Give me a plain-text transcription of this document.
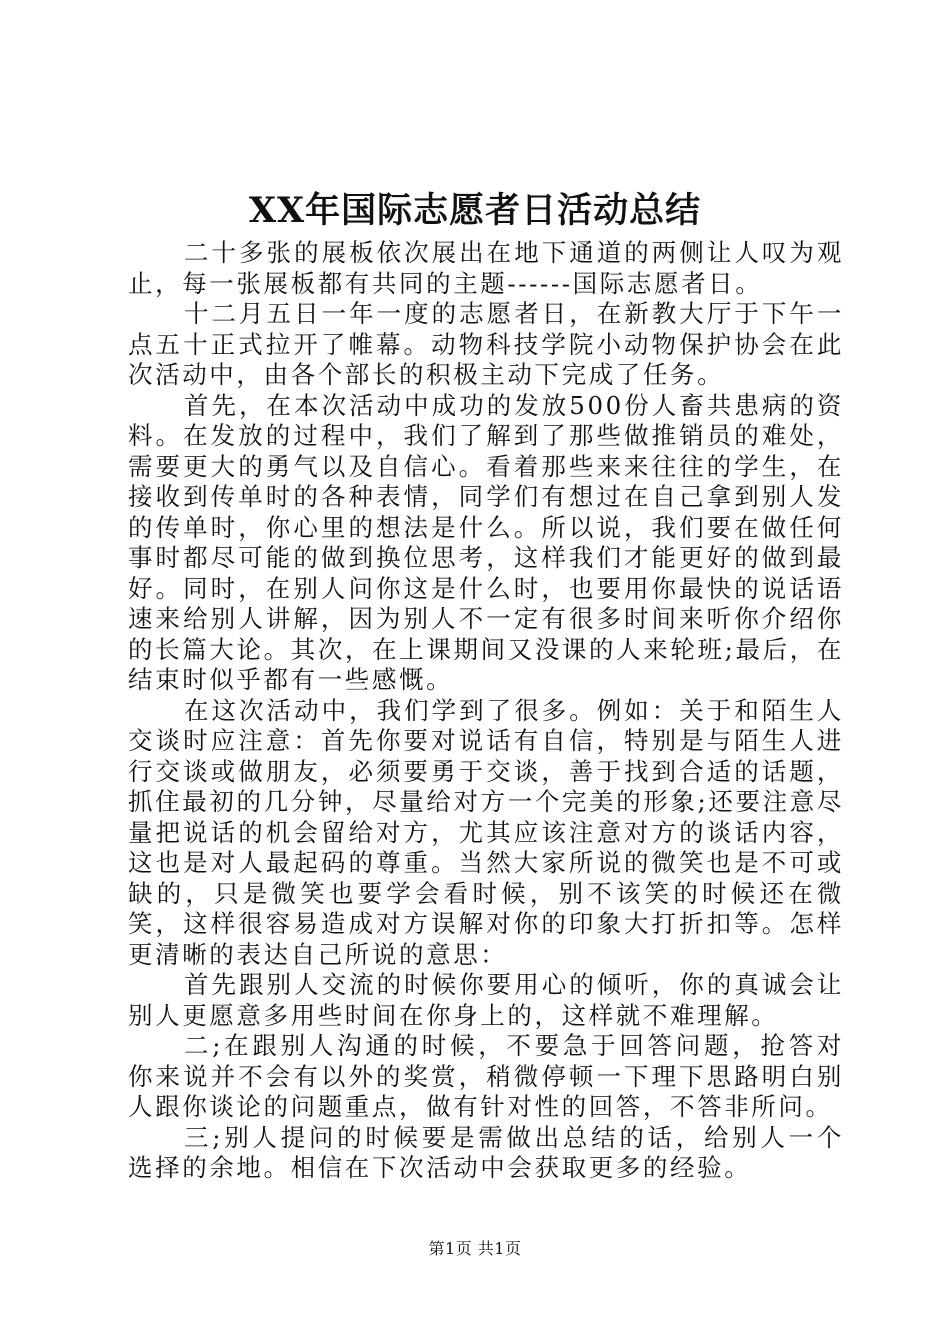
XX年国际志愿者日活动总结

二十多张的展板依次展出在地下通道的两侧让人叹为观止，每一张展板都有共同的主题------国际志愿者日。

十二月五日一年一度的志愿者日，在新教大厅于下午一点五十正式拉开了帷幕。动物科技学院小动物保护协会在此次活动中，由各个部长的积极主动下完成了任务。

首先，在本次活动中成功的发放500份人畜共患病的资料。在发放的过程中，我们了解到了那些做推销员的难处，需要更大的勇气以及自信心。看着那些来来往往的学生，在接收到传单时的各种表情，同学们有想过在自己拿到别人发的传单时，你心里的想法是什么。所以说，我们要在做任何事时都尽可能的做到换位思考，这样我们才能更好的做到最好。同时，在别人问你这是什么时，也要用你最快的说话语速来给别人讲解，因为别人不一定有很多时间来听你介绍你的长篇大论。其次，在上课期间又没课的人来轮班;最后，在结束时似乎都有一些感慨。

在这次活动中，我们学到了很多。例如：关于和陌生人交谈时应注意：首先你要对说话有自信，特别是与陌生人进行交谈或做朋友，必须要勇于交谈，善于找到合适的话题，抓住最初的几分钟，尽量给对方一个完美的形象;还要注意尽量把说话的机会留给对方，尤其应该注意对方的谈话内容，这也是对人最起码的尊重。当然大家所说的微笑也是不可或缺的，只是微笑也要学会看时候，别不该笑的时候还在微笑，这样很容易造成对方误解对你的印象大打折扣等。怎样更清晰的表达自己所说的意思：

首先跟别人交流的时候你要用心的倾听，你的真诚会让别人更愿意多用些时间在你身上的，这样就不难理解。

二;在跟别人沟通的时候，不要急于回答问题，抢答对你来说并不会有以外的奖赏，稍微停顿一下理下思路明白别人跟你谈论的问题重点，做有针对性的回答，不答非所问。

三;别人提问的时候要是需做出总结的话，给别人一个选择的余地。相信在下次活动中会获取更多的经验。

第1页 共1页
